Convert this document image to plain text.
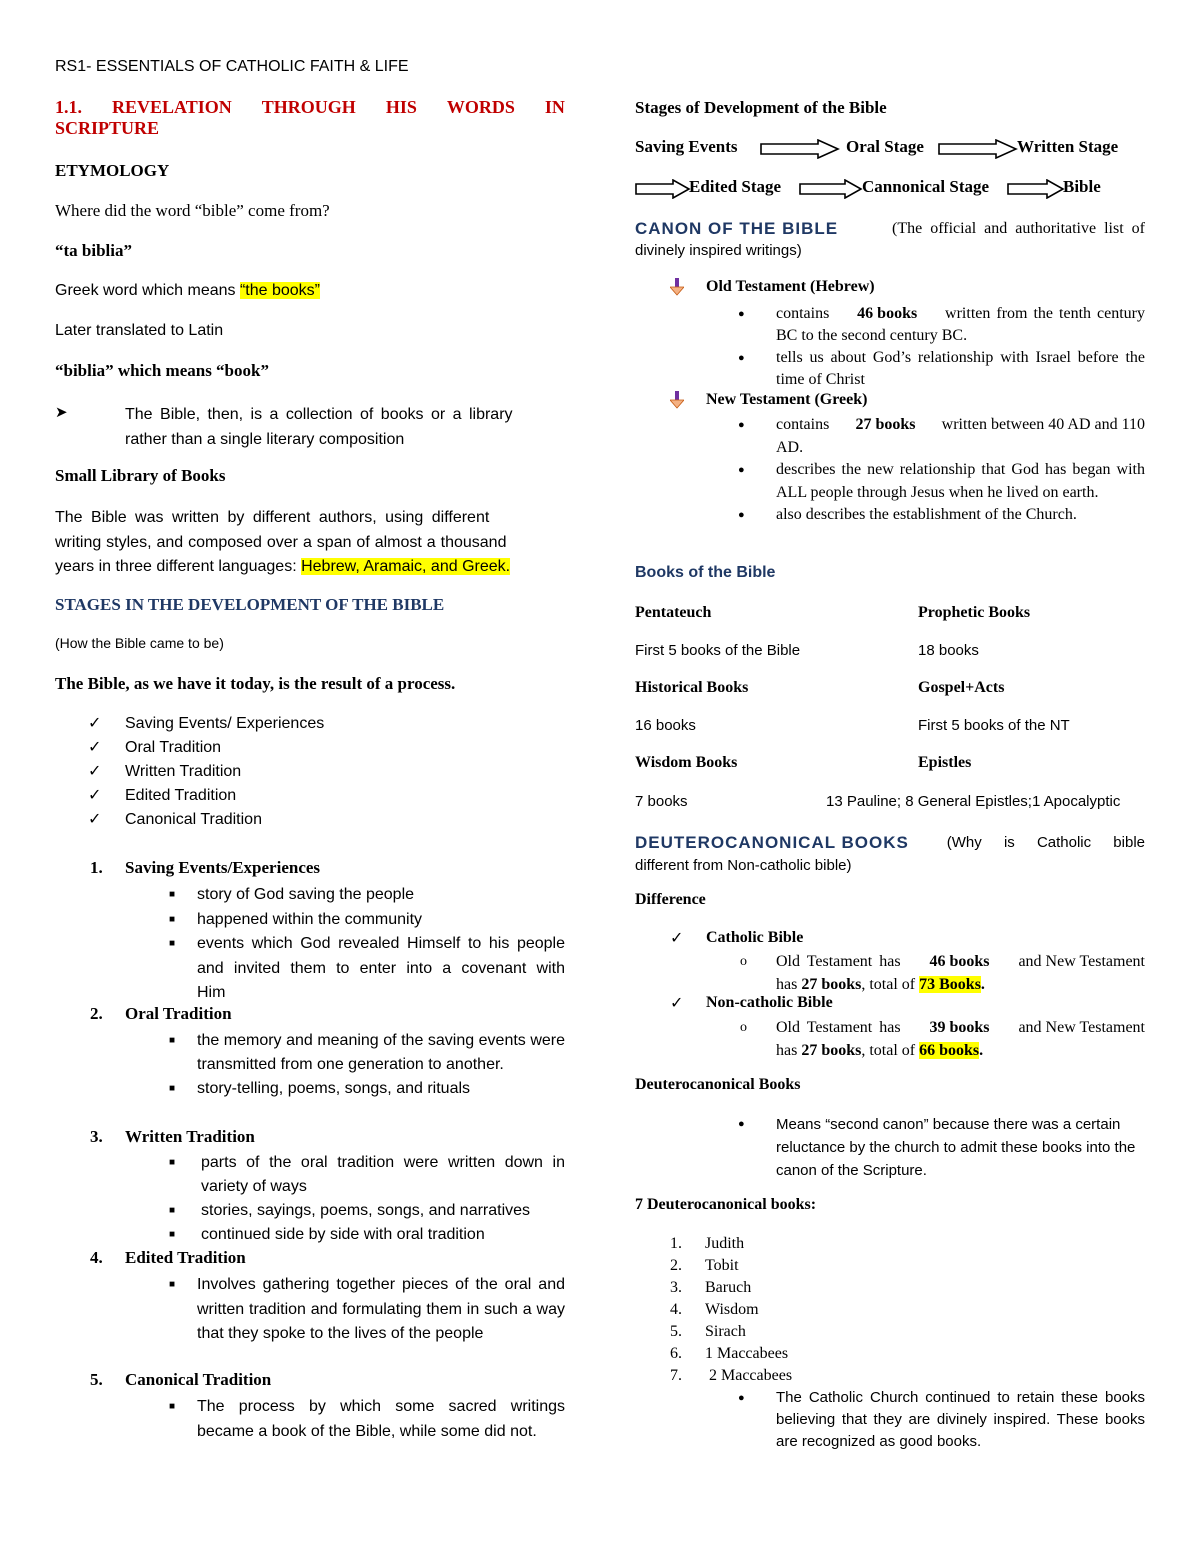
RS1- ESSENTIALS OF CATHOLIC FAITH & LIFE
1.1. REVELATION THROUGH HIS WORDS IN
SCRIPTURE
ETYMOLOGY
Where did the word “bible” come from?
“ta biblia”
Greek word which means “the books”
Later translated to Latin
“biblia” which means “book”
➤	The Bible, then, is a collection of books or a library
rather than a single literary composition
Small Library of Books
The Bible was written by different authors, using different
writing styles, and composed over a span of almost a thousand
years in three different languages: Hebrew, Aramaic, and Greek.
STAGES IN THE DEVELOPMENT OF THE BIBLE
(How the Bible came to be)
The Bible, as we have it today, is the result of a process.
✓ Saving Events/ Experiences
✓ Oral Tradition
✓ Written Tradition
✓ Edited Tradition
✓ Canonical Tradition
1. Saving Events/Experiences
■ story of God saving the people
■ happened within the community
■ events which God revealed Himself to his people and invited them to enter into a covenant with Him
2. Oral Tradition
■ the memory and meaning of the saving events were transmitted from one generation to another.
■ story-telling, poems, songs, and rituals
3. Written Tradition
■ parts of the oral tradition were written down in variety of ways
■ stories, sayings, poems, songs, and narratives
■ continued side by side with oral tradition
4. Edited Tradition
■ Involves gathering together pieces of the oral and written tradition and formulating them in such a way that they spoke to the lives of the people
5. Canonical Tradition
■ The process by which some sacred writings became a book of the Bible, while some did not.
Stages of Development of the Bible
Saving Events	Oral Stage	Written Stage
Edited Stage	Cannonical Stage	Bible
CANON OF THE BIBLE	(The official and authoritative list of
divinely inspired writings)
Old Testament (Hebrew)
● contains 46 books written from the tenth century
BC to the second century BC.
● tells us about God’s relationship with Israel before the time of Christ
New Testament (Greek)
● contains 27 books written between 40 AD and 110
AD.
● describes the new relationship that God has began with ALL people through Jesus when he lived on earth.
● also describes the establishment of the Church.
Books of the Bible
Pentateuch	Prophetic Books
First 5 books of the Bible	18 books
Historical Books	Gospel+Acts
16 books	First 5 books of the NT
Wisdom Books	Epistles
7 books	13 Pauline; 8 General Epistles;1 Apocalyptic
DEUTEROCANONICAL BOOKS	(Why is Catholic bible
different from Non-catholic bible)
Difference
✓ Catholic Bible
o Old Testament has 46 books and New Testament
has 27 books, total of 73 Books.
✓ Non-catholic Bible
o Old Testament has 39 books and New Testament
has 27 books, total of 66 books.
Deuterocanonical Books
● Means “second canon” because there was a certain reluctance by the church to admit these books into the canon of the Scripture.
7 Deuterocanonical books:
1. Judith
2. Tobit
3. Baruch
4. Wisdom
5. Sirach
6. 1 Maccabees
7. 2 Maccabees
● The Catholic Church continued to retain these books believing that they are divinely inspired. These books are recognized as good books.
